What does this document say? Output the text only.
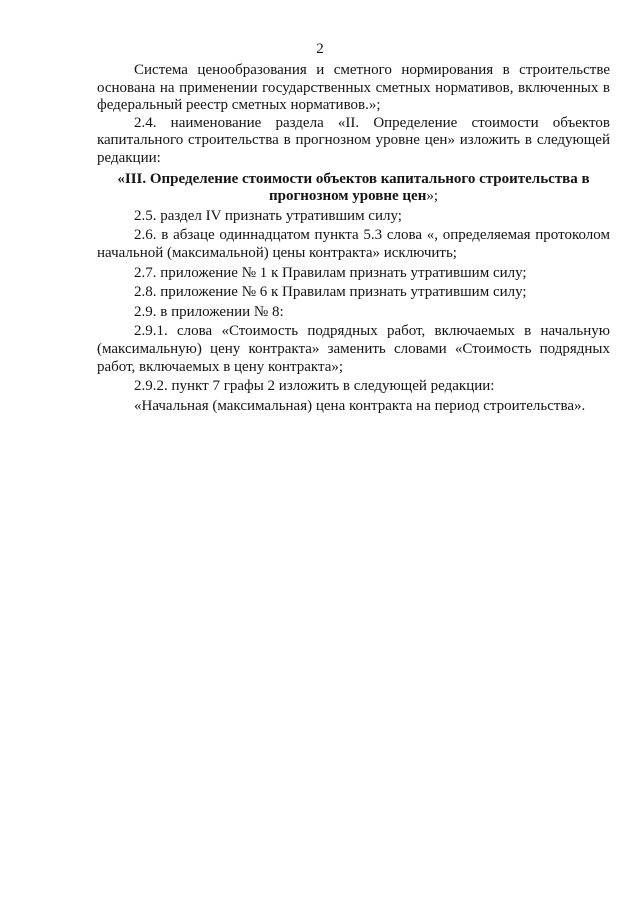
2

Система ценообразования и сметного нормирования в строительстве основана на применении государственных сметных нормативов, включенных в федеральный реестр сметных нормативов.»;

2.4. наименование раздела «II. Определение стоимости объектов капитального строительства в прогнозном уровне цен» изложить в следующей редакции:

«III. Определение стоимости объектов капитального строительства в прогнозном уровне цен»;

2.5. раздел IV признать утратившим силу;

2.6. в абзаце одиннадцатом пункта 5.3 слова «, определяемая протоколом начальной (максимальной) цены контракта» исключить;

2.7. приложение № 1 к Правилам признать утратившим силу;

2.8. приложение № 6 к Правилам признать утратившим силу;

2.9. в приложении № 8:

2.9.1. слова «Стоимость подрядных работ, включаемых в начальную (максимальную) цену контракта» заменить словами «Стоимость подрядных работ, включаемых в цену контракта»;

2.9.2. пункт 7 графы 2 изложить в следующей редакции:

«Начальная (максимальная) цена контракта на период строительства».
